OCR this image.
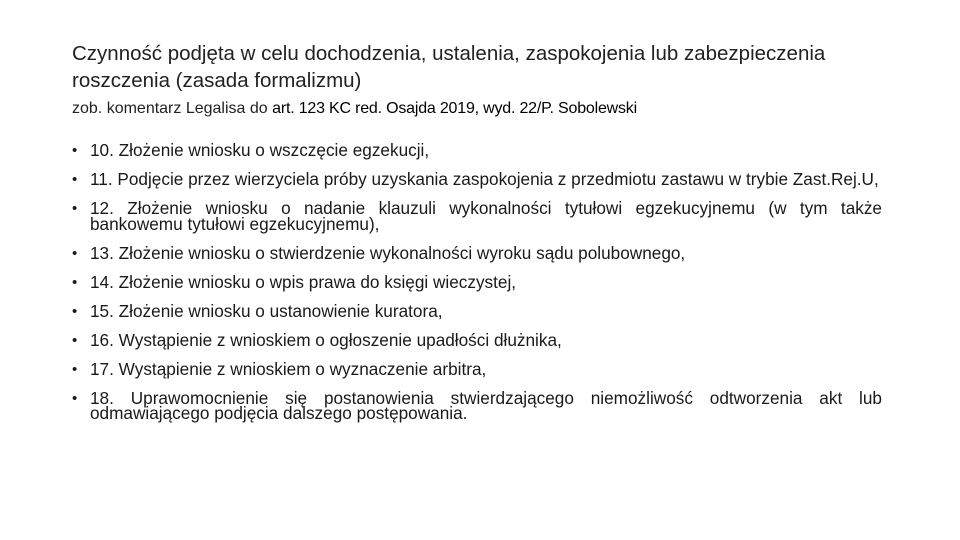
Czynność podjęta w celu dochodzenia, ustalenia, zaspokojenia lub zabezpieczenia roszczenia (zasada formalizmu)
zob. komentarz Legalisa do art. 123 KC red. Osajda 2019, wyd. 22/P. Sobolewski
• 10. Złożenie wniosku o wszczęcie egzekucji,
• 11. Podjęcie przez wierzyciela próby uzyskania zaspokojenia z przedmiotu zastawu w trybie Zast.Rej.U,
• 12. Złożenie wniosku o nadanie klauzuli wykonalności tytułowi egzekucyjnemu (w tym także bankowemu tytułowi egzekucyjnemu),
• 13. Złożenie wniosku o stwierdzenie wykonalności wyroku sądu polubownego,
• 14. Złożenie wniosku o wpis prawa do księgi wieczystej,
• 15. Złożenie wniosku o ustanowienie kuratora,
• 16. Wystąpienie z wnioskiem o ogłoszenie upadłości dłużnika,
• 17. Wystąpienie z wnioskiem o wyznaczenie arbitra,
• 18. Uprawomocnienie się postanowienia stwierdzającego niemożliwość odtworzenia akt lub odmawiającego podjęcia dalszego postępowania.
